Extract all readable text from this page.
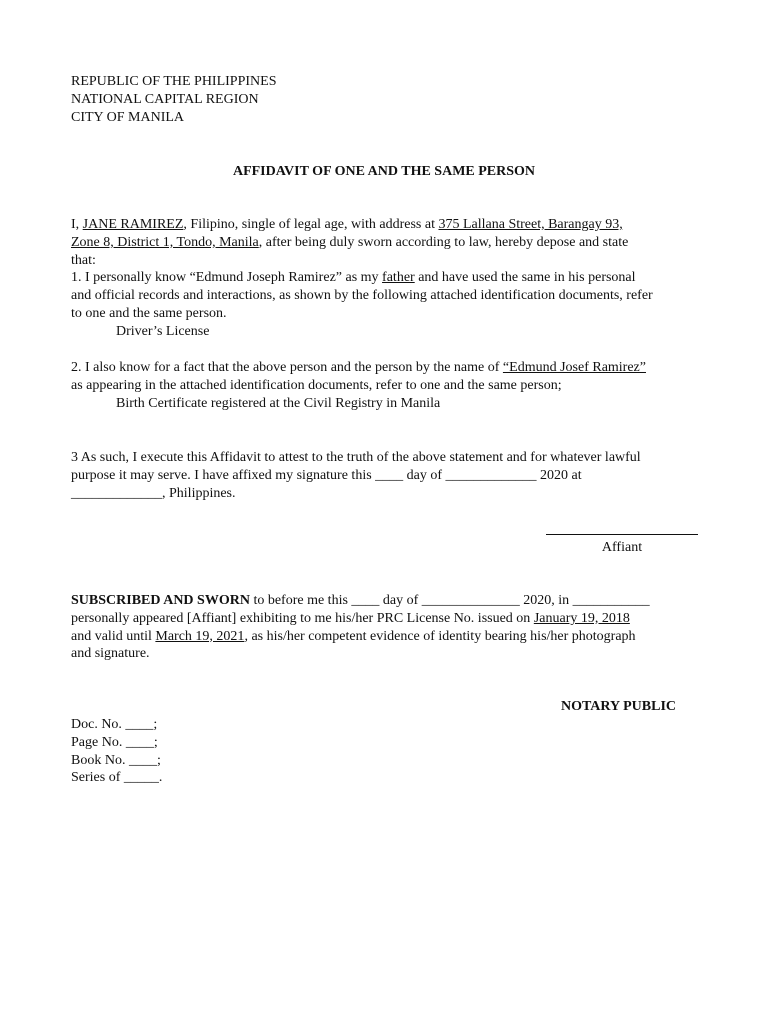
REPUBLIC OF THE PHILIPPINES
NATIONAL CAPITAL REGION
CITY OF MANILA
AFFIDAVIT OF ONE AND THE SAME PERSON
I, JANE RAMIREZ, Filipino, single of legal age, with address at 375 Lallana Street, Barangay 93,
Zone 8, District 1, Tondo, Manila, after being duly sworn according to law, hereby depose and state
that:
1. I personally know “Edmund Joseph Ramirez” as my father and have used the same in his personal
and official records and interactions, as shown by the following attached identification documents, refer
to one and the same person.
Driver’s License
2. I also know for a fact that the above person and the person by the name of “Edmund Josef Ramirez”
as appearing in the attached identification documents, refer to one and the same person;
Birth Certificate registered at the Civil Registry in Manila
3 As such, I execute this Affidavit to attest to the truth of the above statement and for whatever lawful
purpose it may serve. I have affixed my signature this ____ day of _____________ 2020 at
_____________, Philippines.
Affiant
SUBSCRIBED AND SWORN to before me this ____ day of ______________ 2020, in ___________
personally appeared [Affiant] exhibiting to me his/her PRC License No. issued on January 19, 2018
and valid until March 19, 2021, as his/her competent evidence of identity bearing his/her photograph
and signature.
NOTARY PUBLIC
Doc. No. ____;
Page No. ____;
Book No. ____;
Series of _____.
